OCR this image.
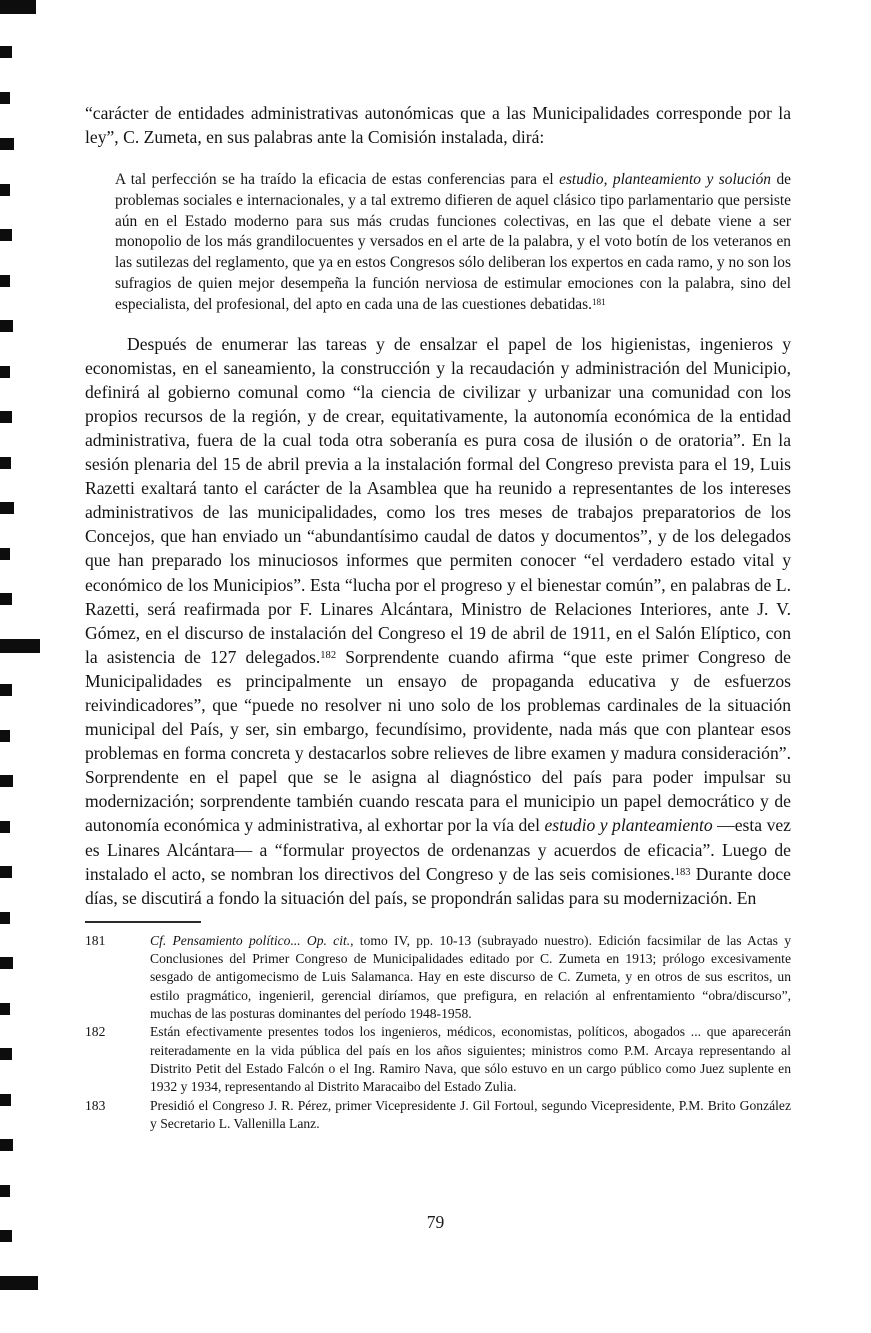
“carácter de entidades administrativas autonómicas que a las Municipalidades corresponde por la ley”, C. Zumeta, en sus palabras ante la Comisión instalada, dirá:

A tal perfección se ha traído la eficacia de estas conferencias para el estudio, planteamiento y solución de problemas sociales e internacionales, y a tal extremo difieren de aquel clásico tipo parlamentario que persiste aún en el Estado moderno para sus más crudas funciones colectivas, en las que el debate viene a ser monopolio de los más grandilocuentes y versados en el arte de la palabra, y el voto botín de los veteranos en las sutilezas del reglamento, que ya en estos Congresos sólo deliberan los expertos en cada ramo, y no son los sufragios de quien mejor desempeña la función nerviosa de estimular emociones con la palabra, sino del especialista, del profesional, del apto en cada una de las cuestiones debatidas.$^{181}$

Después de enumerar las tareas y de ensalzar el papel de los higienistas, ingenieros y economistas, en el saneamiento, la construcción y la recaudación y administración del Municipio, definirá al gobierno comunal como “la ciencia de civilizar y urbanizar una comunidad con los propios recursos de la región, y de crear, equitativamente, la autonomía económica de la entidad administrativa, fuera de la cual toda otra soberanía es pura cosa de ilusión o de oratoria”. En la sesión plenaria del 15 de abril previa a la instalación formal del Congreso prevista para el 19, Luis Razetti exaltará tanto el carácter de la Asamblea que ha reunido a representantes de los intereses administrativos de las municipalidades, como los tres meses de trabajos preparatorios de los Concejos, que han enviado un “abundantísimo caudal de datos y documentos”, y de los delegados que han preparado los minuciosos informes que permiten conocer “el verdadero estado vital y económico de los Municipios”. Esta “lucha por el progreso y el bienestar común”, en palabras de L. Razetti, será reafirmada por F. Linares Alcántara, Ministro de Relaciones Interiores, ante J. V. Gómez, en el discurso de instalación del Congreso el 19 de abril de 1911, en el Salón Elíptico, con la asistencia de 127 delegados.$^{182}$ Sorprendente cuando afirma “que este primer Congreso de Municipalidades es principalmente un ensayo de propaganda educativa y de esfuerzos reivindicadores”, que “puede no resolver ni uno solo de los problemas cardinales de la situación municipal del País, y ser, sin embargo, fecundísimo, providente, nada más que con plantear esos problemas en forma concreta y destacarlos sobre relieves de libre examen y madura consideración”. Sorprendente en el papel que se le asigna al diagnóstico del país para poder impulsar su modernización; sorprendente también cuando rescata para el municipio un papel democrático y de autonomía económica y administrativa, al exhortar por la vía del estudio y planteamiento —esta vez es Linares Alcántara— a “formular proyectos de ordenanzas y acuerdos de eficacia”. Luego de instalado el acto, se nombran los directivos del Congreso y de las seis comisiones.$^{183}$ Durante doce días, se discutirá a fondo la situación del país, se propondrán salidas para su modernización. En

181	Cf. Pensamiento político... Op. cit., tomo IV, pp. 10-13 (subrayado nuestro). Edición facsimilar de las Actas y Conclusiones del Primer Congreso de Municipalidades editado por C. Zumeta en 1913; prólogo excesivamente sesgado de antigomecismo de Luis Salamanca. Hay en este discurso de C. Zumeta, y en otros de sus escritos, un estilo pragmático, ingenieril, gerencial diríamos, que prefigura, en relación al enfrentamiento “obra/discurso”, muchas de las posturas dominantes del período 1948-1958.
182	Están efectivamente presentes todos los ingenieros, médicos, economistas, políticos, abogados ... que aparecerán reiteradamente en la vida pública del país en los años siguientes; ministros como P.M. Arcaya representando al Distrito Petit del Estado Falcón o el Ing. Ramiro Nava, que sólo estuvo en un cargo público como Juez suplente en 1932 y 1934, representando al Distrito Maracaibo del Estado Zulia.
183	Presidió el Congreso J. R. Pérez, primer Vicepresidente J. Gil Fortoul, segundo Vicepresidente, P.M. Brito González y Secretario L. Vallenilla Lanz.
79
